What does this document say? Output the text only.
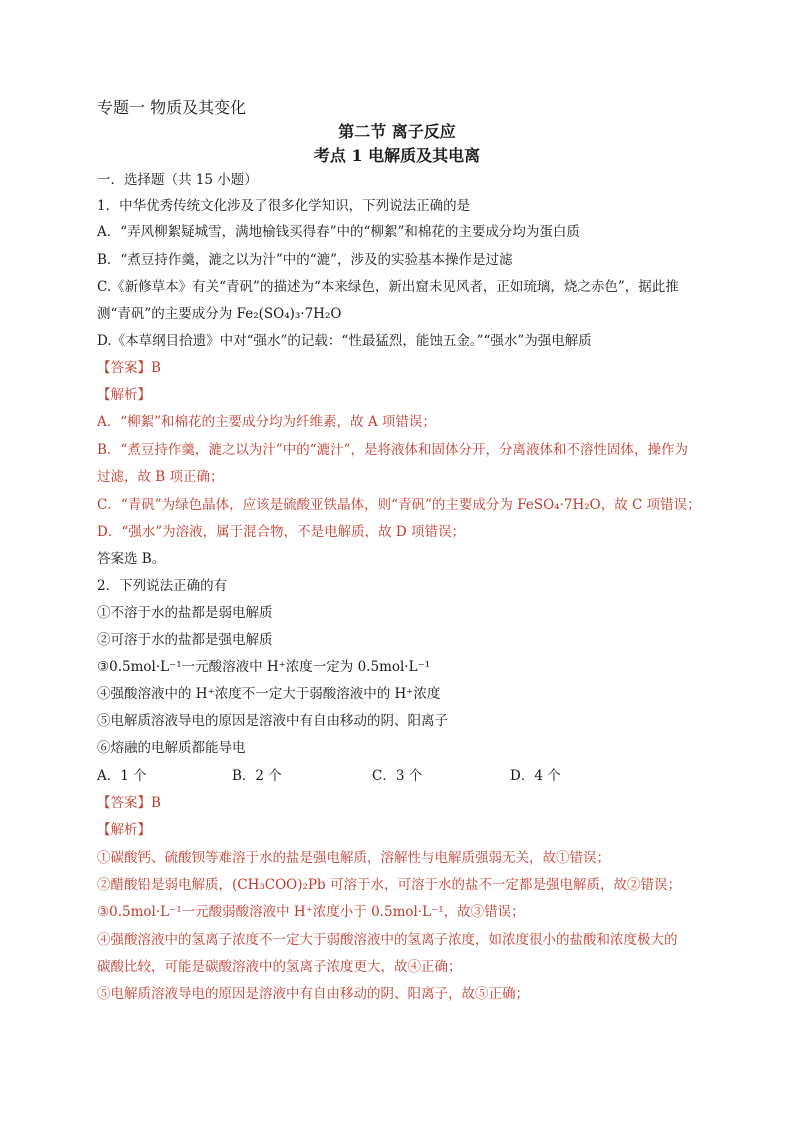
专题一 物质及其变化
第二节 离子反应
考点 1 电解质及其电离
一．选择题（共 15 小题）
1．中华优秀传统文化涉及了很多化学知识，下列说法正确的是
A．“弄风柳絮疑城雪，满地榆钱买得春”中的“柳絮”和棉花的主要成分均为蛋白质
B．“煮豆持作羹，漉之以为汁”中的“漉”，涉及的实验基本操作是过滤
C.《新修草本》有关“青矾”的描述为“本来绿色，新出窟未见风者，正如琉璃，烧之赤色”，据此推
测“青矾”的主要成分为 Fe₂(SO₄)₃·7H₂O
D.《本草纲目拾遗》中对“强水”的记载：“性最猛烈，能蚀五金。”“强水”为强电解质
【答案】B
【解析】
A．“柳絮”和棉花的主要成分均为纤维素，故 A 项错误；
B．“煮豆持作羹，漉之以为汁”中的“漉汁”，是将液体和固体分开，分离液体和不溶性固体，操作为
过滤，故 B 项正确；
C．“青矾”为绿色晶体，应该是硫酸亚铁晶体，则“青矾”的主要成分为 FeSO₄·7H₂O，故 C 项错误；
D．“强水”为溶液，属于混合物，不是电解质，故 D 项错误；
答案选 B。
2．下列说法正确的有
①不溶于水的盐都是弱电解质
②可溶于水的盐都是强电解质
③0.5mol·L⁻¹一元酸溶液中 H⁺浓度一定为 0.5mol·L⁻¹
④强酸溶液中的 H⁺浓度不一定大于弱酸溶液中的 H⁺浓度
⑤电解质溶液导电的原因是溶液中有自由移动的阴、阳离子
⑥熔融的电解质都能导电
A．1 个	B．2 个	C．3 个	D．4 个
【答案】B
【解析】
①碳酸钙、硫酸钡等难溶于水的盐是强电解质，溶解性与电解质强弱无关，故①错误；
②醋酸铅是弱电解质，(CH₃COO)₂Pb 可溶于水，可溶于水的盐不一定都是强电解质，故②错误；
③0.5mol·L⁻¹一元酸弱酸溶液中 H⁺浓度小于 0.5mol·L⁻¹，故③错误；
④强酸溶液中的氢离子浓度不一定大于弱酸溶液中的氢离子浓度，如浓度很小的盐酸和浓度极大的
碳酸比较，可能是碳酸溶液中的氢离子浓度更大，故④正确；
⑤电解质溶液导电的原因是溶液中有自由移动的阴、阳离子，故⑤正确；
